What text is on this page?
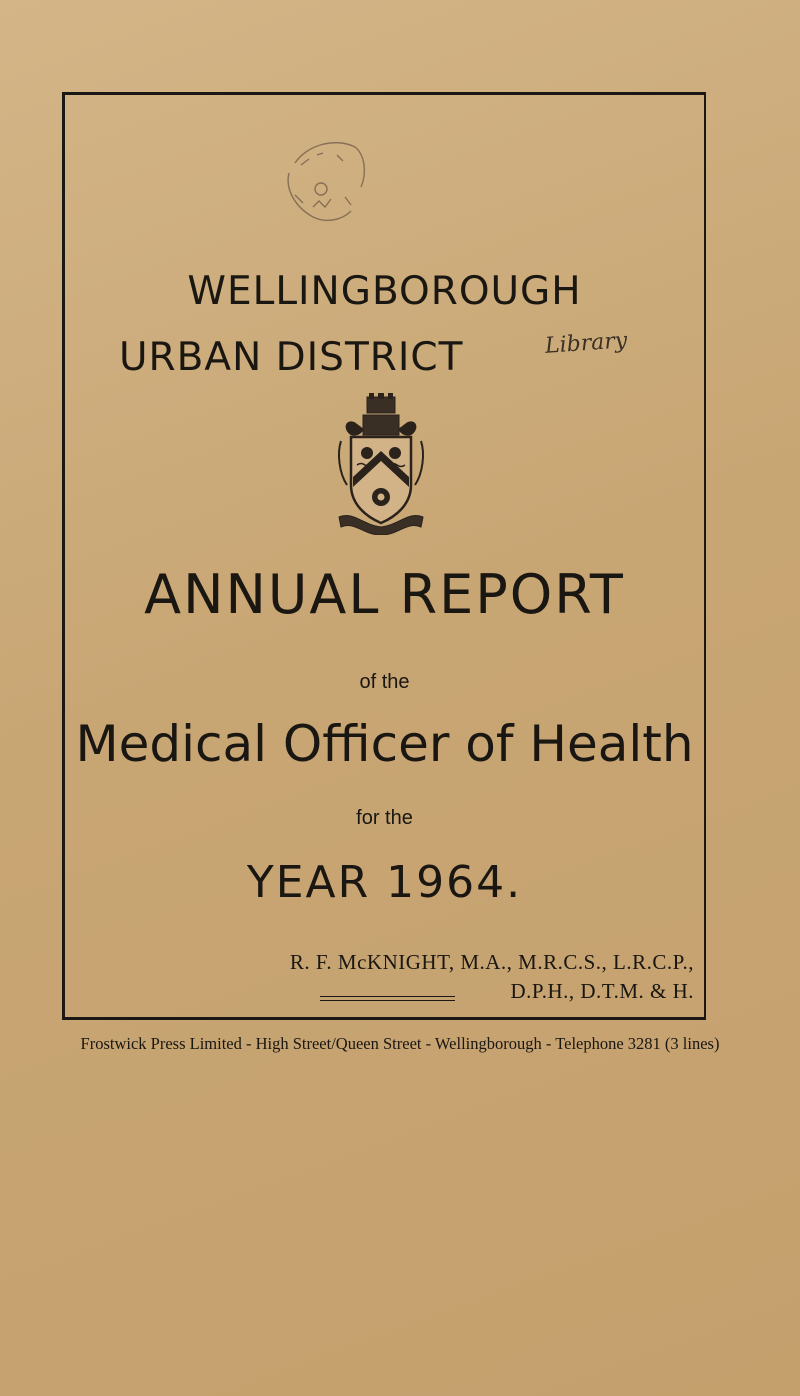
WELLINGBOROUGH
URBAN DISTRICT	Library
ANNUAL REPORT
of the
Medical Officer of Health
for the
YEAR 1964.
R. F. McKNIGHT, M.A., M.R.C.S., L.R.C.P.,
D.P.H., D.T.M. & H.
Frostwick Press Limited - High Street/Queen Street - Wellingborough - Telephone 3281 (3 lines)
